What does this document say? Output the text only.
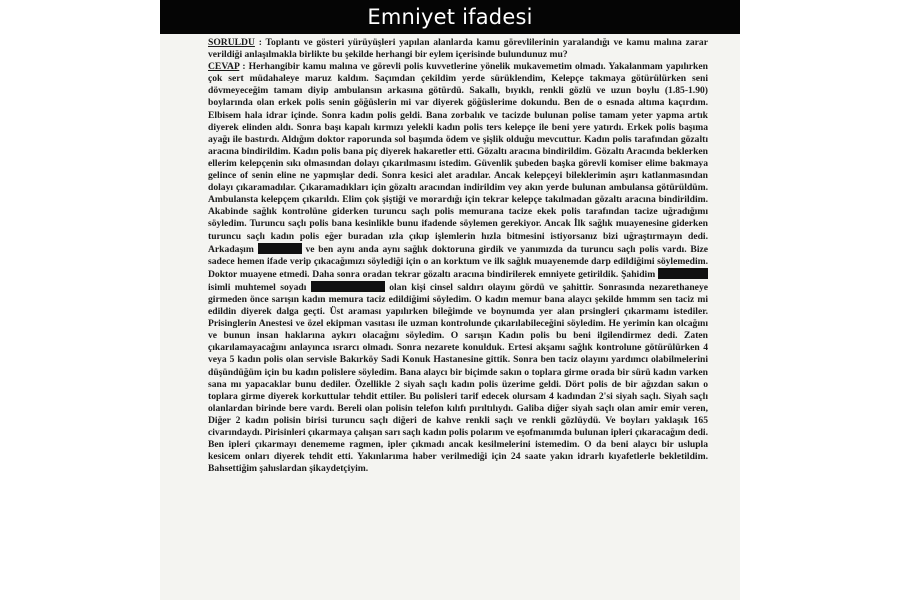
Emniyet ifadesi

SORULDU : Toplantı ve gösteri yürüyüşleri yapılan alanlarda kamu görevlilerinin yaralandığı ve kamu malına zarar verildiği anlaşılmakla birlikte bu şekilde herhangi bir eylem içerisinde bulundunuz mu?

CEVAP : Herhangibir kamu malına ve görevli polis kuvvetlerine yönelik mukavemetim olmadı. Yakalanmam yapılırken çok sert müdahaleye maruz kaldım. Saçımdan çekildim yerde sürüklendim, Kelepçe takmaya götürülürken seni dövmeyeceğim tamam diyip ambulansın arkasına götürdü. Sakallı, bıyıklı, renkli gözlü ve uzun boylu (1.85-1.90) boylarında olan erkek polis senin göğüslerin mi var diyerek göğüslerime dokundu. Ben de o esnada altıma kaçırdım. Elbisem hala idrar içinde. Sonra kadın polis geldi. Bana zorbalık ve tacizde bulunan polise tamam yeter yapma artık diyerek elinden aldı. Sonra başı kapalı kırmızı yelekli kadın polis ters kelepçe ile beni yere yatırdı. Erkek polis başıma ayağı ile bastırdı. Aldığım doktor raporunda sol başımda ödem ve şişlik olduğu mevcuttur. Kadın polis tarafından gözaltı aracına bindirildim. Kadın polis bana piç diyerek hakaretler etti. Gözaltı aracına bindirildim. Gözaltı Aracında beklerken ellerim kelepçenin sıkı olmasından dolayı çıkarılmasını istedim. Güvenlik şubeden başka görevli komiser elime bakmaya gelince of senin eline ne yapmışlar dedi. Sonra kesici alet aradılar. Ancak kelepçeyi bileklerimin aşırı katlanmasından dolayı çıkaramadılar. Çıkaramadıkları için gözaltı aracından indirildim vey akın yerde bulunan ambulansa götürüldüm. Ambulansta kelepçem çıkarıldı. Elim çok şiştiği ve morardığı için tekrar kelepçe takılmadan gözaltı aracına bindirildim. Akabinde sağlık kontrolüne giderken turuncu saçlı polis memurana tacize ekek polis tarafından tacize uğradığımı söyledim. Turuncu saçlı polis bana kesinlikle bunu ifadende söylemen gerekiyor. Ancak İlk sağlık muayenesine giderken turuncu saçlı kadın polis eğer buradan ızla çıkıp işlemlerin hızla bitmesini istiyorsanız bizi uğraştırmayın dedi. Arkadaşım	ve ben aynı anda aynı sağlık doktoruna girdik ve yanımızda da turuncu saçlı polis vardı. Bize sadece hemen ifade verip çıkacağımızı söylediği için o an korktum ve ilk sağlık muayenemde darp edildiğimi söylemedim. Doktor muayene etmedi. Daha sonra oradan tekrar gözaltı aracına bindirilerek emniyete getirildik. Şahidim  isimli muhtemel soyadı	olan kişi cinsel saldırı olayını gördü ve şahittir. Sonrasında nezarethaneye girmeden önce sarışın kadın memura taciz edildiğimi söyledim. O kadın memur bana alaycı şekilde hmmm sen taciz mi edildin diyerek dalga geçti. Üst araması yapılırken bileğimde ve boynumda yer alan prsingleri çıkarmamı istediler. Prisinglerin Anestesi ve özel ekipman vasıtası ile uzman kontrolunde çıkarılabileceğini söyledim. He yerimin kan olcağını ve bunun insan haklarına aykırı olacağını söyledim. O sarışın Kadın polis bu beni ilgilendirmez dedi. Zaten çıkarılamayacağını anlayınca ısrarcı olmadı. Sonra nezarete konulduk. Ertesi akşamı sağlık kontrolune götürülürken 4 veya 5 kadın polis olan servisle Bakırköy Sadi Konuk Hastanesine gittik. Sonra ben taciz olayını yardımcı olabilmelerini düşündüğüm için bu kadın polislere söyledim. Bana alaycı bir biçimde sakın o toplara girme orada bir sürü kadın varken sana mı yapacaklar bunu dediler. Özellikle 2 siyah saçlı kadın polis üzerime geldi. Dört polis de bir ağızdan sakın o toplara girme diyerek korkuttular tehdit ettiler. Bu polisleri tarif edecek olursam 4 kadından 2'si siyah saçlı. Siyah saçlı olanlardan birinde bere vardı. Bereli olan polisin telefon kılıfı pırıltılıydı. Galiba diğer siyah saçlı olan amir emir veren, Diğer 2 kadın polisin birisi turuncu saçlı diğeri de kahve renkli saçlı ve renkli gözlüydü. Ve boyları yaklaşık 165 civarındaydı. Pirisinleri çıkarmaya çalışan sarı saçlı kadın polis polarım ve eşofmanımda bulunan ipleri çıkaracağım dedi. Ben ipleri çıkarmayı denememe ragmen, ipler çıkmadı ancak kesilmelerini istemedim. O da beni alaycı bir uslupla kesicem onları diyerek tehdit etti. Yakınlarıma haber verilmediği için 24 saate yakın idrarlı kıyafetlerle bekletildim. Bahsettiğim şahıslardan şikaydetçiyim.
